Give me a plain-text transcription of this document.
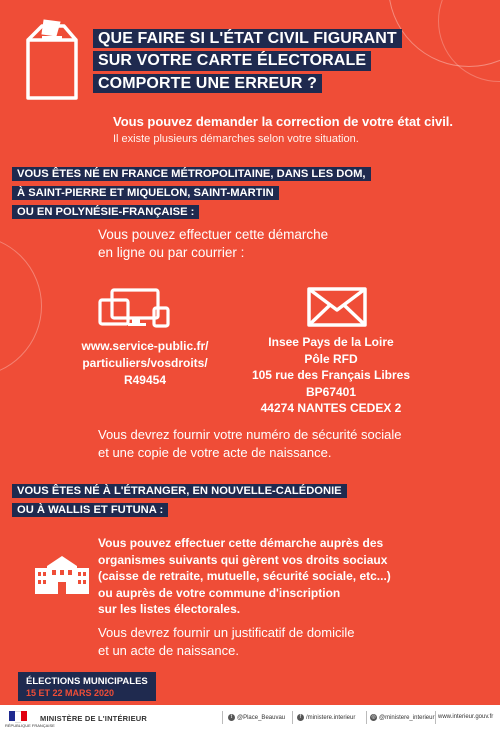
QUE FAIRE SI L'ÉTAT CIVIL FIGURANT
SUR VOTRE CARTE ÉLECTORALE
COMPORTE UNE ERREUR ?
Vous pouvez demander la correction de votre état civil.
Il existe plusieurs démarches selon votre situation.
VOUS ÊTES NÉ EN FRANCE MÉTROPOLITAINE, DANS LES DOM,
À SAINT-PIERRE ET MIQUELON, SAINT-MARTIN
OU EN POLYNÉSIE-FRANÇAISE :
Vous pouvez effectuer cette démarche
en ligne ou par courrier :
www.service-public.fr/
particuliers/vosdroits/
R49454
Insee Pays de la Loire
Pôle RFD
105 rue des Français Libres
BP67401
44274 NANTES CEDEX 2
Vous devrez fournir votre numéro de sécurité sociale
et une copie de votre acte de naissance.
VOUS ÊTES NÉ À L'ÉTRANGER, EN NOUVELLE-CALÉDONIE
OU À WALLIS ET FUTUNA :
Vous pouvez effectuer cette démarche auprès des
organismes suivants qui gèrent vos droits sociaux
(caisse de retraite, mutuelle, sécurité sociale, etc...)
ou auprès de votre commune d'inscription
sur les listes électorales.
Vous devrez fournir un justificatif de domicile
et un acte de naissance.
ÉLECTIONS MUNICIPALES
15 ET 22 MARS 2020
RÉPUBLIQUE FRANÇAISE
MINISTÈRE DE L'INTÉRIEUR	t @Place_Beauvau	f /ministere.interieur	◎ @ministere_interieur www.interieur.gouv.fr
